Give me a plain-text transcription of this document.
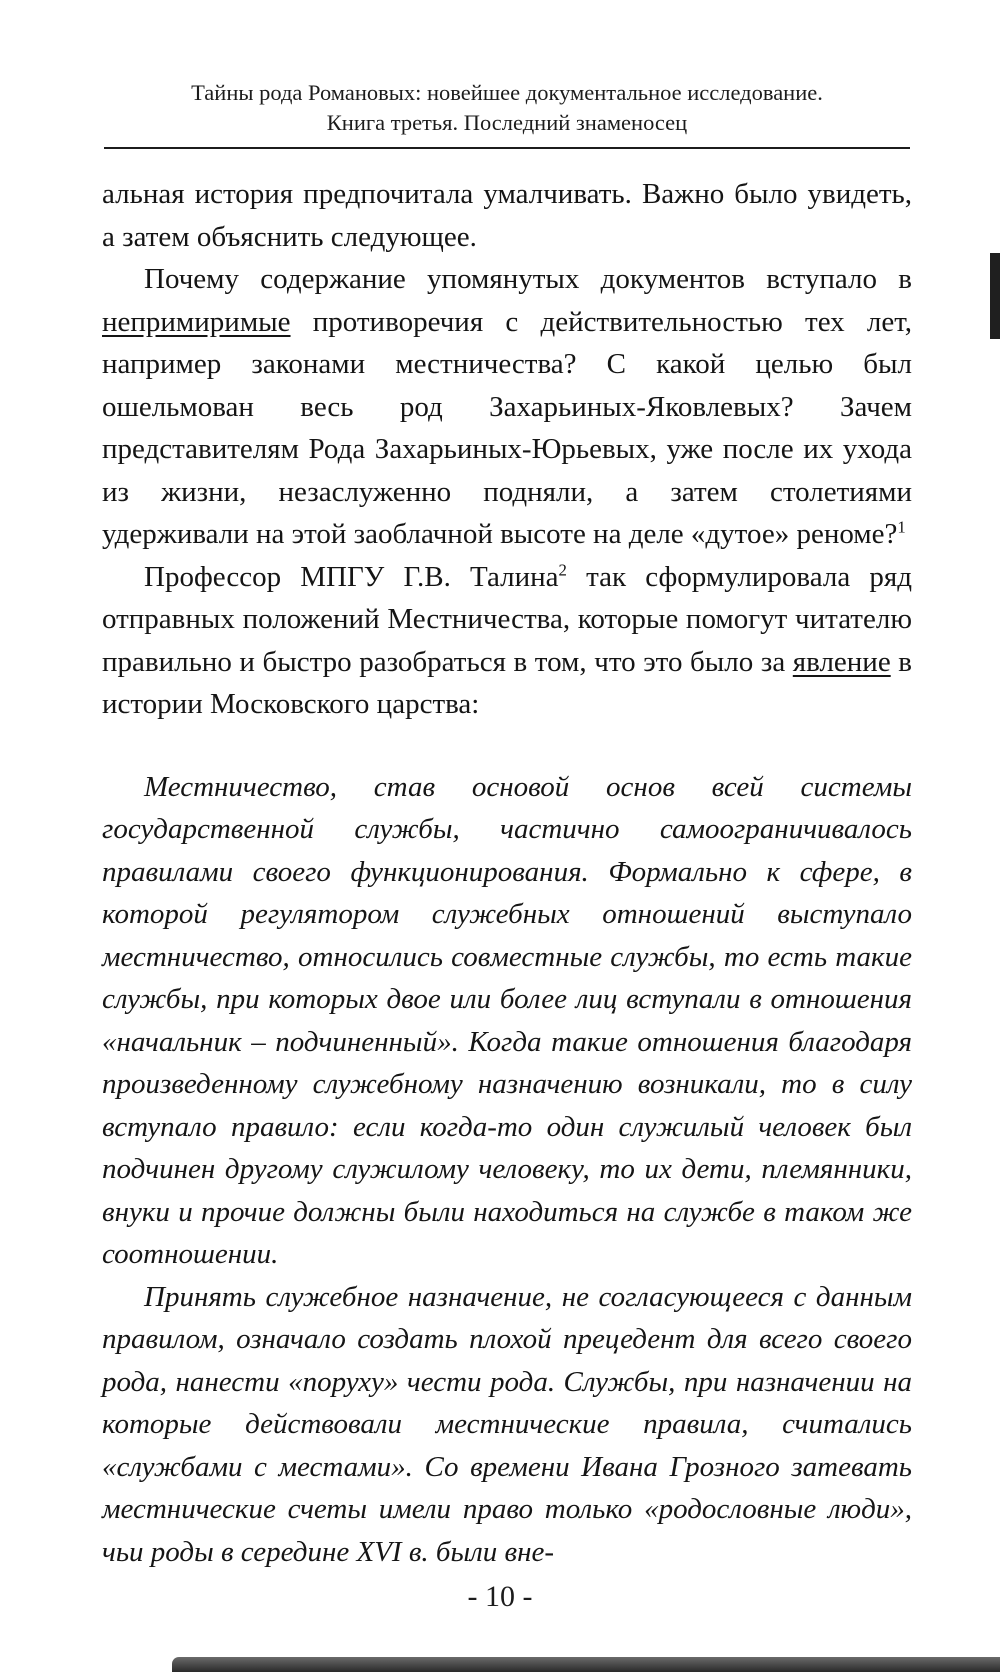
Тайны рода Романовых: новейшее документальное исследование.
Книга третья. Последний знаменосец

альная история предпочитала умалчивать. Важно было увидеть, а затем объяснить следующее.

Почему содержание упомянутых документов вступало в непримиримые противоречия с действительностью тех лет, например законами местничества? С какой целью был ошельмован весь род Захарьиных-Яковлевых? Зачем представителям Рода Захарьиных-Юрьевых, уже после их ухода из жизни, незаслуженно подняли, а затем столетиями удерживали на этой заоблачной высоте на деле «дутое» реноме?$^1$

Профессор МПГУ Г.В. Талина$^2$ так сформулировала ряд отправных положений Местничества, которые помогут читателю правильно и быстро разобраться в том, что это было за явление в истории Московского царства:

Местничество, став основой основ всей системы государственной службы, частично самоограничивалось правилами своего функционирования. Формально к сфере, в которой регулятором служебных отношений выступало местничество, относились совместные службы, то есть такие службы, при которых двое или более лиц вступали в отношения «начальник – подчиненный». Когда такие отношения благодаря произведенному служебному назначению возникали, то в силу вступало правило: если когда-то один служилый человек был подчинен другому служилому человеку, то их дети, племянники, внуки и прочие должны были находиться на службе в таком же соотношении.

Принять служебное назначение, не согласующееся с данным правилом, означало создать плохой прецедент для всего своего рода, нанести «поруху» чести рода. Службы, при назначении на которые действовали местнические правила, считались «службами с местами». Со времени Ивана Грозного затевать местнические счеты имели право только «родословные люди», чьи роды в середине XVI в. были вне-

- 10 -
